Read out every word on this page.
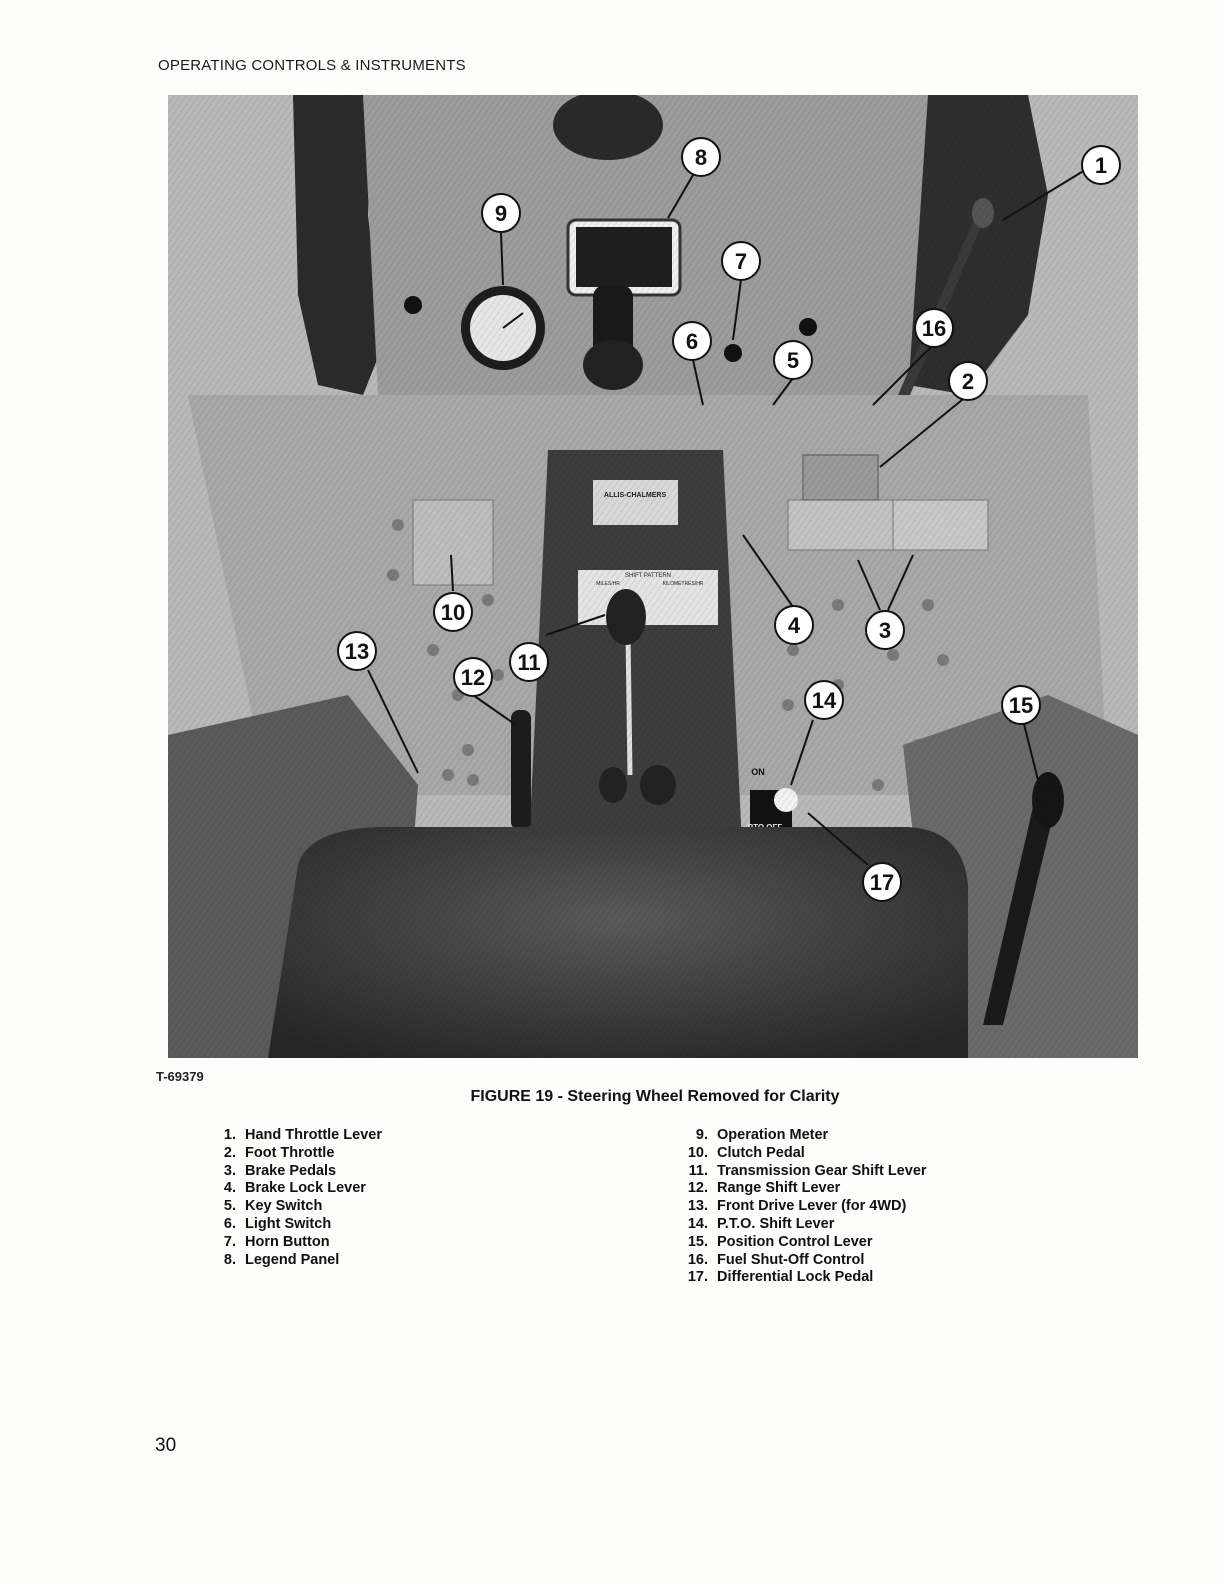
OPERATING CONTROLS & INSTRUMENTS
1
2
3
4
5
6
7
8
9
10
11
12
13
14	15
16
17
T-69379
FIGURE 19 - Steering Wheel Removed for Clarity
1. Hand Throttle Lever
2. Foot Throttle
3. Brake Pedals
4. Brake Lock Lever
5. Key Switch
6. Light Switch
7. Horn Button
8. Legend Panel
9. Operation Meter
10. Clutch Pedal
11. Transmission Gear Shift Lever
12. Range Shift Lever
13. Front Drive Lever (for 4WD)
14. P.T.O. Shift Lever
15. Position Control Lever
16. Fuel Shut-Off Control
17. Differential Lock Pedal
30
